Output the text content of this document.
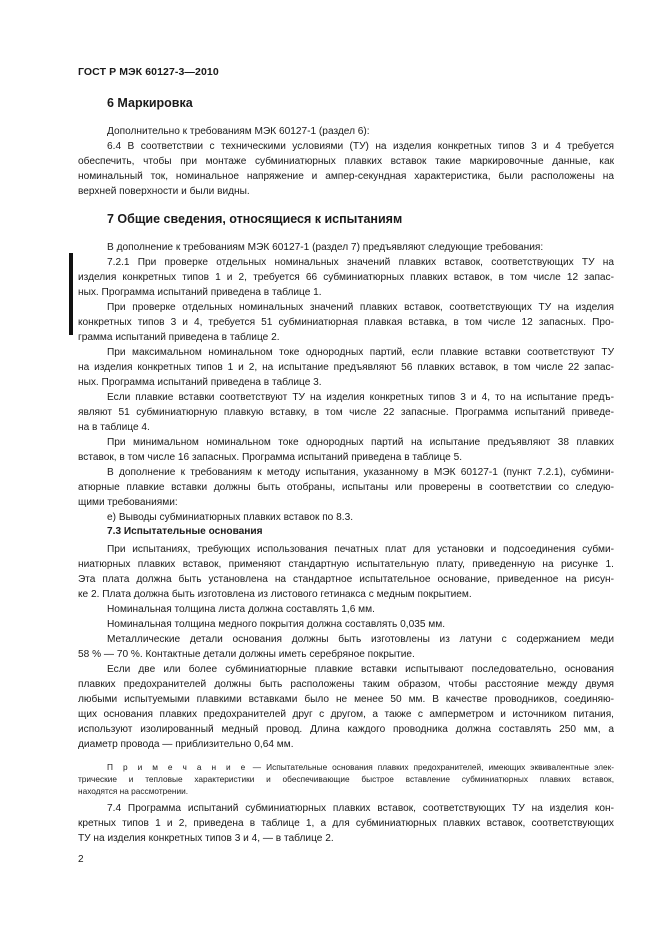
ГОСТ Р МЭК 60127-3—2010
6 Маркировка
Дополнительно к требованиям МЭК 60127-1 (раздел 6):
6.4 В соответствии с техническими условиями (ТУ) на изделия конкретных типов 3 и 4 требуется
обеспечить, чтобы при монтаже субминиатюрных плавких вставок такие маркировочные данные, как
номинальный ток, номинальное напряжение и ампер-секундная характеристика, были расположены на
верхней поверхности и были видны.
7 Общие сведения, относящиеся к испытаниям
В дополнение к требованиям МЭК 60127-1 (раздел 7) предъявляют следующие требования:
7.2.1 При проверке отдельных номинальных значений плавких вставок, соответствующих ТУ на
изделия конкретных типов 1 и 2, требуется 66 субминиатюрных плавких вставок, в том числе 12 запас-
ных. Программа испытаний приведена в таблице 1.
При проверке отдельных номинальных значений плавких вставок, соответствующих ТУ на изделия
конкретных типов 3 и 4, требуется 51 субминиатюрная плавкая вставка, в том числе 12 запасных. Про-
грамма испытаний приведена в таблице 2.
При максимальном номинальном токе однородных партий, если плавкие вставки соответствуют ТУ
на изделия конкретных типов 1 и 2, на испытание предъявляют 56 плавких вставок, в том числе 22 запас-
ных. Программа испытаний приведена в таблице 3.
Если плавкие вставки соответствуют ТУ на изделия конкретных типов 3 и 4, то на испытание предъ-
являют 51 субминиатюрную плавкую вставку, в том числе 22 запасные. Программа испытаний приведе-
на в таблице 4.
При минимальном номинальном токе однородных партий на испытание предъявляют 38 плавких
вставок, в том числе 16 запасных. Программа испытаний приведена в таблице 5.
В дополнение к требованиям к методу испытания, указанному в МЭК 60127-1 (пункт 7.2.1), субмини-
атюрные плавкие вставки должны быть отобраны, испытаны или проверены в соответствии со следую-
щими требованиями:
е) Выводы субминиатюрных плавких вставок по 8.3.
7.3 Испытательные основания
При испытаниях, требующих использования печатных плат для установки и подсоединения субми-
ниатюрных плавких вставок, применяют стандартную испытательную плату, приведенную на рисунке 1.
Эта плата должна быть установлена на стандартное испытательное основание, приведенное на рисун-
ке 2. Плата должна быть изготовлена из листового гетинакса с медным покрытием.
Номинальная толщина листа должна составлять 1,6 мм.
Номинальная толщина медного покрытия должна составлять 0,035 мм.
Металлические детали основания должны быть изготовлены из латуни с содержанием меди
58 % — 70 %. Контактные детали должны иметь серебряное покрытие.
Если две или более субминиатюрные плавкие вставки испытывают последовательно, основания
плавких предохранителей должны быть расположены таким образом, чтобы расстояние между двумя
любыми испытуемыми плавкими вставками было не менее 50 мм. В качестве проводников, соединяю-
щих основания плавких предохранителей друг с другом, а также с амперметром и источником питания,
используют изолированный медный провод. Длина каждого проводника должна составлять 250 мм, а
диаметр провода — приблизительно 0,64 мм.
П р и м е ч а н и е — Испытательные основания плавких предохранителей, имеющих эквивалентные элек-
трические и тепловые характеристики и обеспечивающие быстрое вставление субминиатюрных плавких вставок,
находятся на рассмотрении.
7.4 Программа испытаний субминиатюрных плавких вставок, соответствующих ТУ на изделия кон-
кретных типов 1 и 2, приведена в таблице 1, а для субминиатюрных плавких вставок, соответствующих
ТУ на изделия конкретных типов 3 и 4, — в таблице 2.
2
